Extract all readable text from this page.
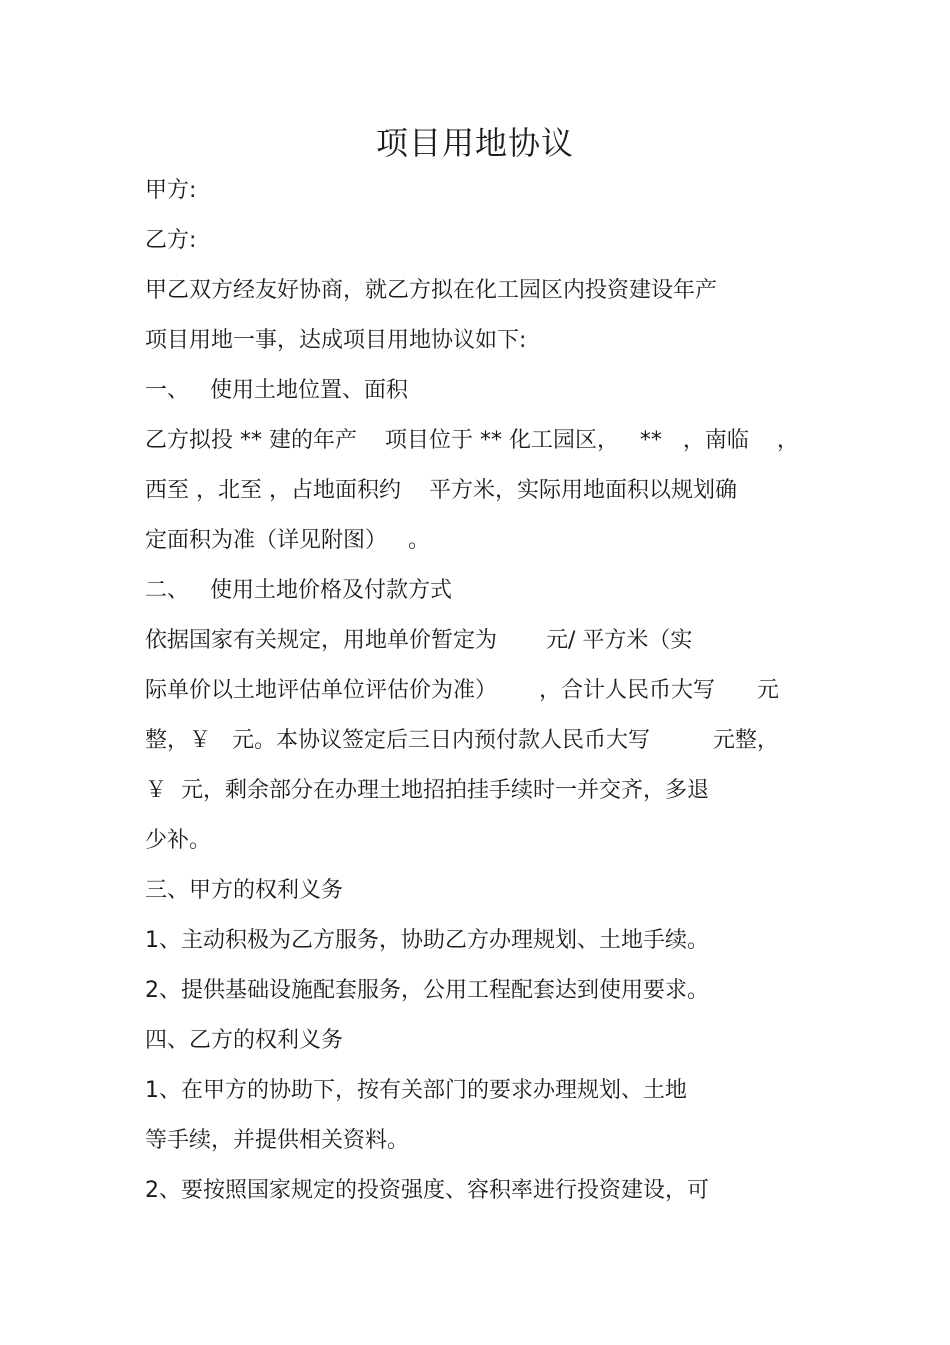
项目用地协议
甲方:
乙方:
甲乙双方经友好协商，就乙方拟在化工园区内投资建设年产
项目用地一事，达成项目用地协议如下:
一、   使用土地位置、面积
乙方拟投 ** 建的年产    项目位于 ** 化工园区，   **   ，南临    ，
西至 ，北至 ，占地面积约    平方米，实际用地面积以规划确
定面积为准（详见附图）   。
二、   使用土地价格及付款方式
依据国家有关规定，用地单价暂定为       元/ 平方米（实
际单价以土地评估单位评估价为准）      ，合计人民币大写      元
整，￥   元。本协议签定后三日内预付款人民币大写         元整，
￥  元，剩余部分在办理土地招拍挂手续时一并交齐，多退
少补。
三、甲方的权利义务
1、主动积极为乙方服务，协助乙方办理规划、土地手续。
2、提供基础设施配套服务，公用工程配套达到使用要求。
四、乙方的权利义务
1、在甲方的协助下，按有关部门的要求办理规划、土地
等手续，并提供相关资料。
2、要按照国家规定的投资强度、容积率进行投资建设，可
